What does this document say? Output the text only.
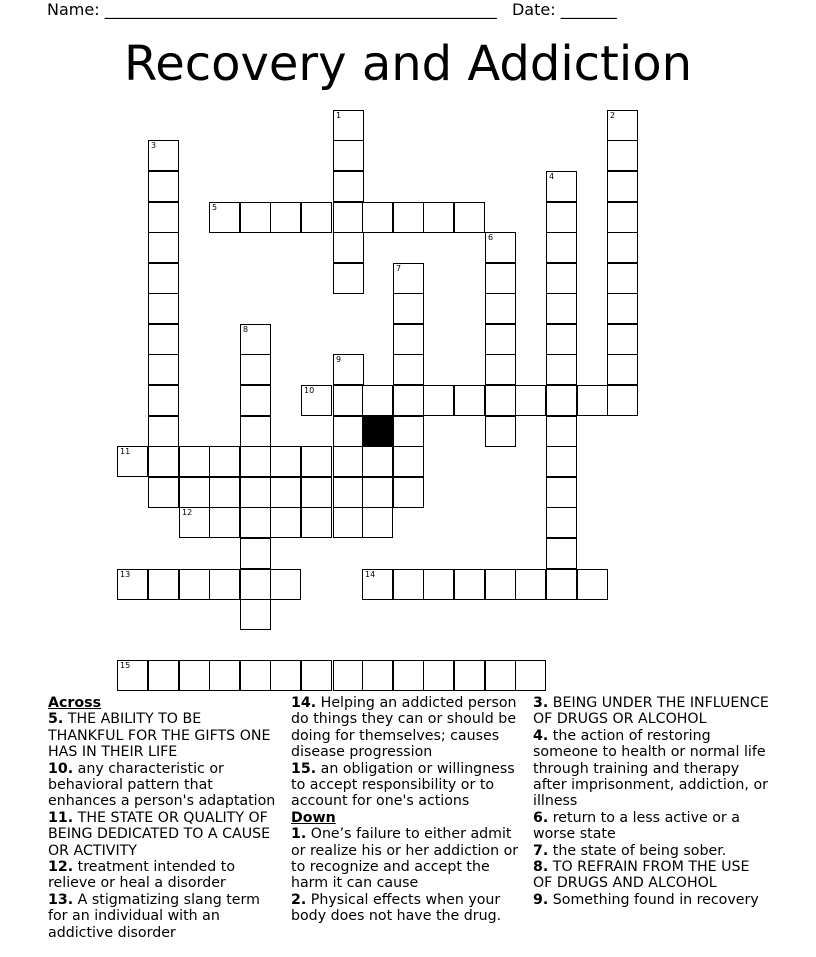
Name: _________________________________________________ Date: _______
Recovery and Addiction
1	2
3
4
5
6
7
8
9
10
11
12
13	14
15
Across

5. THE ABILITY TO BE THANKFUL FOR THE GIFTS ONE HAS IN THEIR LIFE

10. any characteristic or behavioral pattern that enhances a person's adaptation

11. THE STATE OR QUALITY OF BEING DEDICATED TO A CAUSE OR ACTIVITY

12. treatment intended to relieve or heal a disorder

13. A stigmatizing slang term for an individual with an addictive disorder

14. Helping an addicted person do things they can or should be doing for themselves; causes disease progression

15. an obligation or willingness to accept responsibility or to account for one's actions

Down

1. One’s failure to either admit or realize his or her addiction or to recognize and accept the harm it can cause

2. Physical effects when your body does not have the drug.

3. BEING UNDER THE INFLUENCE OF DRUGS OR ALCOHOL

4. the action of restoring someone to health or normal life through training and therapy after imprisonment, addiction, or illness

6. return to a less active or a worse state

7. the state of being sober.

8. TO REFRAIN FROM THE USE OF DRUGS AND ALCOHOL

9. Something found in recovery
